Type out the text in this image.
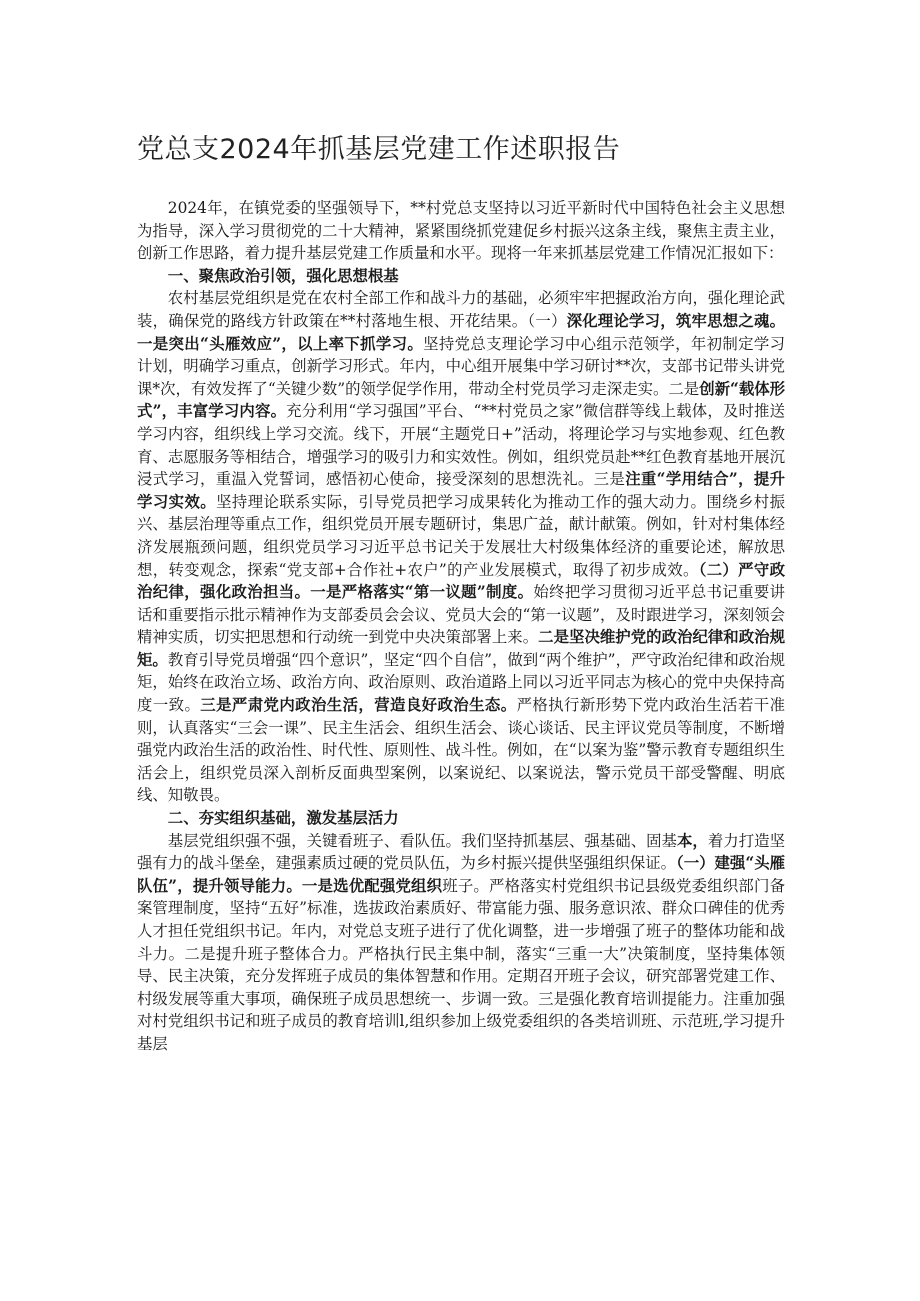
党总支2024年抓基层党建工作述职报告

2024年，在镇党委的坚强领导下，**村党总支坚持以习近平新时代中国特色社会主义思想为指导，深入学习贯彻党的二十大精神，紧紧围绕抓党建促乡村振兴这条主线，聚焦主责主业，创新工作思路，着力提升基层党建工作质量和水平。现将一年来抓基层党建工作情况汇报如下：

一、聚焦政治引领，强化思想根基

农村基层党组织是党在农村全部工作和战斗力的基础，必须牢牢把握政治方向，强化理论武装，确保党的路线方针政策在**村落地生根、开花结果。（一）深化理论学习，筑牢思想之魂。一是突出“头雁效应”，以上率下抓学习。坚持党总支理论学习中心组示范领学，年初制定学习计划，明确学习重点，创新学习形式。年内，中心组开展集中学习研讨**次，支部书记带头讲党课*次，有效发挥了“关键少数”的领学促学作用，带动全村党员学习走深走实。二是创新“载体形式”，丰富学习内容。充分利用“学习强国”平台、“**村党员之家”微信群等线上载体，及时推送学习内容，组织线上学习交流。线下，开展“主题党日+”活动，将理论学习与实地参观、红色教育、志愿服务等相结合，增强学习的吸引力和实效性。例如，组织党员赴**红色教育基地开展沉浸式学习，重温入党誓词，感悟初心使命，接受深刻的思想洗礼。三是注重“学用结合”，提升学习实效。坚持理论联系实际，引导党员把学习成果转化为推动工作的强大动力。围绕乡村振兴、基层治理等重点工作，组织党员开展专题研讨，集思广益，献计献策。例如，针对村集体经济发展瓶颈问题，组织党员学习习近平总书记关于发展壮大村级集体经济的重要论述，解放思想，转变观念，探索“党支部+合作社+农户”的产业发展模式，取得了初步成效。（二）严守政治纪律，强化政治担当。一是严格落实“第一议题”制度。始终把学习贯彻习近平总书记重要讲话和重要指示批示精神作为支部委员会会议、党员大会的“第一议题”，及时跟进学习，深刻领会精神实质，切实把思想和行动统一到党中央决策部署上来。二是坚决维护党的政治纪律和政治规矩。教育引导党员增强“四个意识”，坚定“四个自信”，做到“两个维护”，严守政治纪律和政治规矩，始终在政治立场、政治方向、政治原则、政治道路上同以习近平同志为核心的党中央保持高度一致。三是严肃党内政治生活，营造良好政治生态。严格执行新形势下党内政治生活若干准则，认真落实“三会一课”、民主生活会、组织生活会、谈心谈话、民主评议党员等制度，不断增强党内政治生活的政治性、时代性、原则性、战斗性。例如，在“以案为鉴”警示教育专题组织生活会上，组织党员深入剖析反面典型案例，以案说纪、以案说法，警示党员干部受警醒、明底线、知敬畏。

二、夯实组织基础，激发基层活力

基层党组织强不强，关键看班子、看队伍。我们坚持抓基层、强基础、固基本，着力打造坚强有力的战斗堡垒，建强素质过硬的党员队伍，为乡村振兴提供坚强组织保证。（一）建强“头雁队伍”，提升领导能力。一是选优配强党组织班子。严格落实村党组织书记县级党委组织部门备案管理制度，坚持“五好”标准，选拔政治素质好、带富能力强、服务意识浓、群众口碑佳的优秀人才担任党组织书记。年内，对党总支班子进行了优化调整，进一步增强了班子的整体功能和战斗力。二是提升班子整体合力。严格执行民主集中制，落实“三重一大”决策制度，坚持集体领导、民主决策，充分发挥班子成员的集体智慧和作用。定期召开班子会议，研究部署党建工作、村级发展等重大事项，确保班子成员思想统一、步调一致。三是强化教育培训提能力。注重加强对村党组织书记和班子成员的教育培训l,组织参加上级党委组织的各类培训班、示范班,学习提升基层
